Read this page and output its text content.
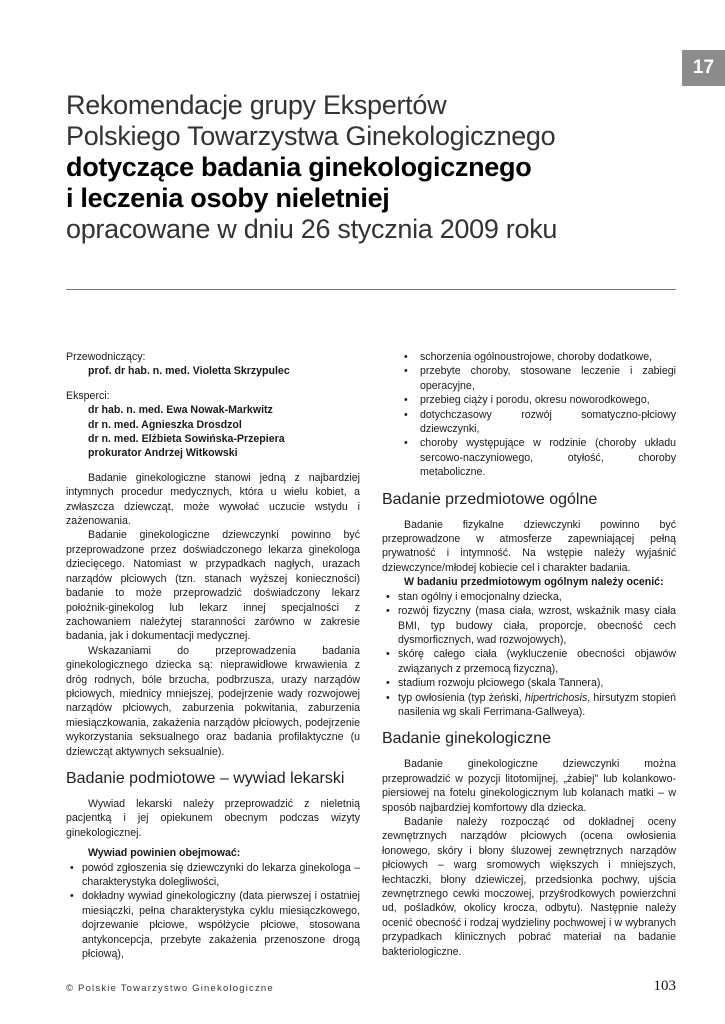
17
Rekomendacje grupy Ekspertów
Polskiego Towarzystwa Ginekologicznego
dotyczące badania ginekologicznego
i leczenia osoby nieletniej
opracowane w dniu 26 stycznia 2009 roku
Przewodniczący:
prof. dr hab. n. med. Violetta Skrzypulec
Eksperci:
dr hab. n. med. Ewa Nowak-Markwitz
dr n. med. Agnieszka Drosdzol
dr n. med. Elżbieta Sowińska-Przepiera
prokurator Andrzej Witkowski

Badanie ginekologiczne stanowi jedną z najbardziej intymnych procedur medycznych, która u wielu kobiet, a zwłaszcza dziewcząt, może wywołać uczucie wstydu i zażenowania.

Badanie ginekologiczne dziewczynki powinno być przeprowadzone przez doświadczonego lekarza ginekologa dziecięcego. Natomiast w przypadkach nagłych, urazach narządów płciowych (tzn. stanach wyższej konieczności) badanie to może przeprowadzić doświadczony lekarz położnik-ginekolog lub lekarz innej specjalności z zachowaniem należytej staranności zarówno w zakresie badania, jak i dokumentacji medycznej.

Wskazaniami do przeprowadzenia badania ginekologicznego dziecka są: nieprawidłowe krwawienia z dróg rodnych, bóle brzucha, podbrzusza, urazy narządów płciowych, miednicy mniejszej, podejrzenie wady rozwojowej narządów płciowych, zaburzenia pokwitania, zaburzenia miesiączkowania, zakażenia narządów płciowych, podejrzenie wykorzystania seksualnego oraz badania profilaktyczne (u dziewcząt aktywnych seksualnie).

Badanie podmiotowe – wywiad lekarski

Wywiad lekarski należy przeprowadzić z nieletnią pacjentką i jej opiekunem obecnym podczas wizyty ginekologicznej.

Wywiad powinien obejmować:
• powód zgłoszenia się dziewczynki do lekarza ginekologa – charakterystyka dolegliwości,
• dokładny wywiad ginekologiczny (data pierwszej i ostatniej miesiączki, pełna charakterystyka cyklu miesiączkowego, dojrzewanie płciowe, współżycie płciowe, stosowana antykoncepcja, przebyte zakażenia przenoszone drogą płciową),
• schorzenia ogólnoustrojowe, choroby dodatkowe,
• przebyte choroby, stosowane leczenie i zabiegi operacyjne,
• przebieg ciąży i porodu, okresu noworodkowego,
• dotychczasowy rozwój somatyczno-płciowy dziewczynki,
• choroby występujące w rodzinie (choroby układu sercowo-naczyniowego, otyłość, choroby metaboliczne.
Badanie przedmiotowe ogólne

Badanie fizykalne dziewczynki powinno być przeprowadzone w atmosferze zapewniającej pełną prywatność i intymność. Na wstępie należy wyjaśnić dziewczynce/młodej kobiecie cel i charakter badania.

W badaniu przedmiotowym ogólnym należy ocenić:
• stan ogólny i emocjonalny dziecka,
• rozwój fizyczny (masa ciała, wzrost, wskaźnik masy ciała BMI, typ budowy ciała, proporcje, obecność cech dysmorficznych, wad rozwojowych),
• skórę całego ciała (wykluczenie obecności objawów związanych z przemocą fizyczną),
• stadium rozwoju płciowego (skala Tannera),
• typ owłosienia (typ żeński, hipertrichosis, hirsutyzm stopień nasilenia wg skali Ferrimana-Gallweya).
Badanie ginekologiczne

Badanie ginekologiczne dziewczynki można przeprowadzić w pozycji litotomijnej, „żabiej" lub kolankowo-piersiowej na fotelu ginekologicznym lub kolanach matki – w sposób najbardziej komfortowy dla dziecka.

Badanie należy rozpocząć od dokładnej oceny zewnętrznych narządów płciowych (ocena owłosienia łonowego, skóry i błony śluzowej zewnętrznych narządów płciowych – warg sromowych większych i mniejszych, łechtaczki, błony dziewiczej, przedsionka pochwy, ujścia zewnętrznego cewki moczowej, przyśrodkowych powierzchni ud, pośladków, okolicy krocza, odbytu). Następnie należy ocenić obecność i rodzaj wydzieliny pochwowej i w wybranych przypadkach klinicznych pobrać materiał na badanie bakteriologiczne.

© Polskie Towarzystwo Ginekologiczne	103
